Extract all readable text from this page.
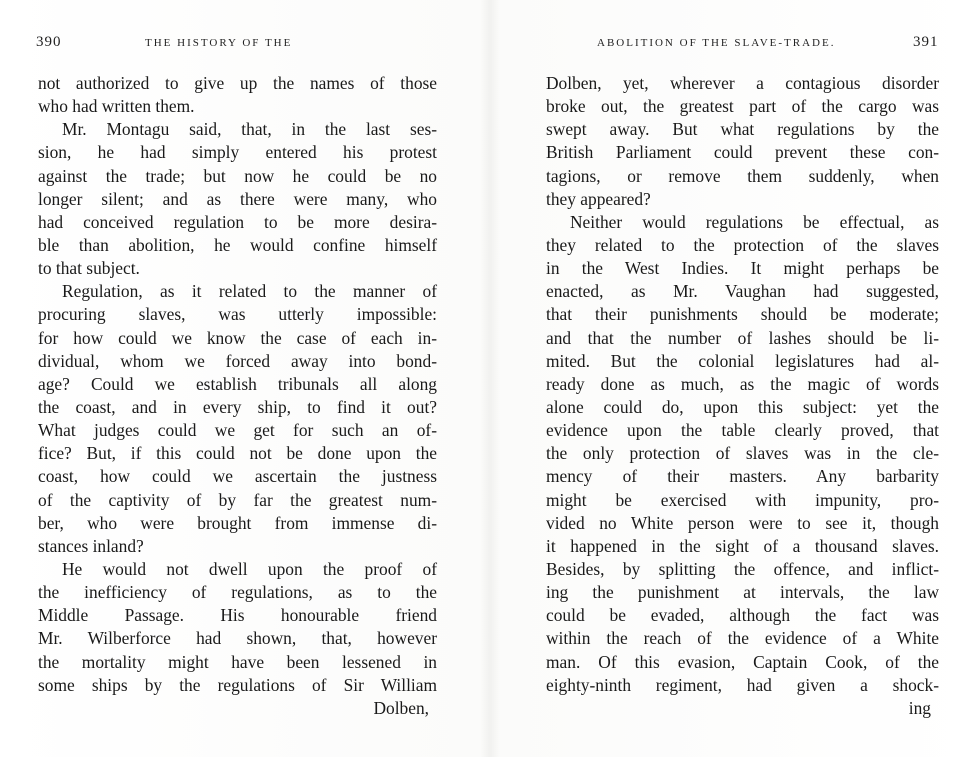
390	THE HISTORY OF THE
not authorized to give up the names of those
who had written them.
Mr. Montagu said, that, in the last ses-
sion, he had simply entered his protest
against the trade; but now he could be no
longer silent; and as there were many, who
had conceived regulation to be more desira-
ble than abolition, he would confine himself
to that subject.
Regulation, as it related to the manner of
procuring slaves, was utterly impossible:
for how could we know the case of each in-
dividual, whom we forced away into bond-
age? Could we establish tribunals all along
the coast, and in every ship, to find it out?
What judges could we get for such an of-
fice? But, if this could not be done upon the
coast, how could we ascertain the justness
of the captivity of by far the greatest num-
ber, who were brought from immense di-
stances inland?
He would not dwell upon the proof of
the inefficiency of regulations, as to the
Middle Passage. His honourable friend
Mr. Wilberforce had shown, that, however
the mortality might have been lessened in
some ships by the regulations of Sir William
Dolben,
ABOLITION OF THE SLAVE-TRADE.	391
Dolben, yet, wherever a contagious disorder
broke out, the greatest part of the cargo was
swept away. But what regulations by the
British Parliament could prevent these con-
tagions, or remove them suddenly, when
they appeared?
Neither would regulations be effectual, as
they related to the protection of the slaves
in the West Indies. It might perhaps be
enacted, as Mr. Vaughan had suggested,
that their punishments should be moderate;
and that the number of lashes should be li-
mited. But the colonial legislatures had al-
ready done as much, as the magic of words
alone could do, upon this subject: yet the
evidence upon the table clearly proved, that
the only protection of slaves was in the cle-
mency of their masters. Any barbarity
might be exercised with impunity, pro-
vided no White person were to see it, though
it happened in the sight of a thousand slaves.
Besides, by splitting the offence, and inflict-
ing the punishment at intervals, the law
could be evaded, although the fact was
within the reach of the evidence of a White
man. Of this evasion, Captain Cook, of the
eighty-ninth regiment, had given a shock-
ing
